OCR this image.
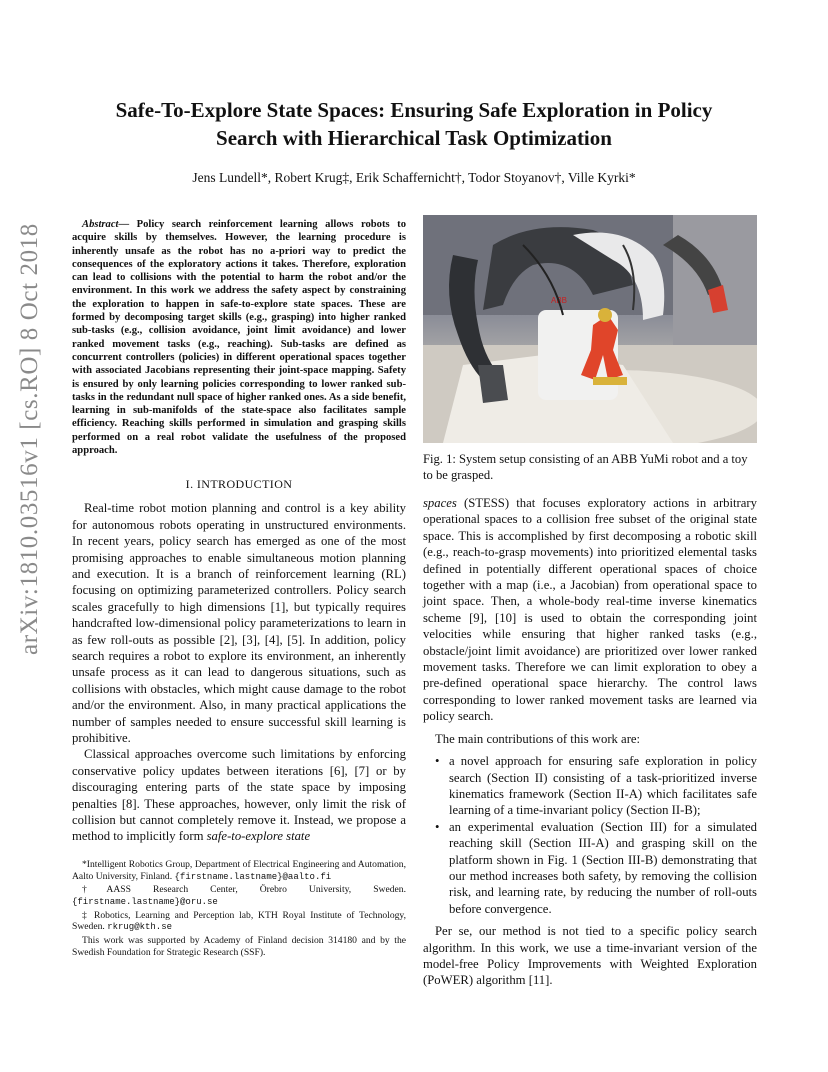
arXiv:1810.03516v1 [cs.RO] 8 Oct 2018
Safe-To-Explore State Spaces: Ensuring Safe Exploration in Policy
Search with Hierarchical Task Optimization
Jens Lundell*, Robert Krug‡, Erik Schaffernicht†, Todor Stoyanov†, Ville Kyrki*

Abstract— Policy search reinforcement learning allows robots to acquire skills by themselves. However, the learning procedure is inherently unsafe as the robot has no a-priori way to predict the consequences of the exploratory actions it takes. Therefore, exploration can lead to collisions with the potential to harm the robot and/or the environment. In this work we address the safety aspect by constraining the exploration to happen in safe-to-explore state spaces. These are formed by decomposing target skills (e.g., grasping) into higher ranked sub-tasks (e.g., collision avoidance, joint limit avoidance) and lower ranked movement tasks (e.g., reaching). Sub-tasks are defined as concurrent controllers (policies) in different operational spaces together with associated Jacobians representing their joint-space mapping. Safety is ensured by only learning policies corresponding to lower ranked sub-tasks in the redundant null space of higher ranked ones. As a side benefit, learning in sub-manifolds of the state-space also facilitates sample efficiency. Reaching skills performed in simulation and grasping skills performed on a real robot validate the usefulness of the proposed approach.

I. INTRODUCTION

Real-time robot motion planning and control is a key ability for autonomous robots operating in unstructured environments. In recent years, policy search has emerged as one of the most promising approaches to enable simultaneous motion planning and execution. It is a branch of reinforcement learning (RL) focusing on optimizing parameterized controllers. Policy search scales gracefully to high dimensions [1], but typically requires handcrafted low-dimensional policy parameterizations to learn in as few roll-outs as possible [2], [3], [4], [5]. In addition, policy search requires a robot to explore its environment, an inherently unsafe process as it can lead to dangerous situations, such as collisions with obstacles, which might cause damage to the robot and/or the environment. Also, in many practical applications the number of samples needed to ensure successful skill learning is prohibitive.

Classical approaches overcome such limitations by enforcing conservative policy updates between iterations [6], [7] or by discouraging entering parts of the state space by imposing penalties [8]. These approaches, however, only limit the risk of collision but cannot completely remove it. Instead, we propose a method to implicitly form safe-to-explore state

*Intelligent Robotics Group, Department of Electrical Engineering and Automation, Aalto University, Finland. {firstname.lastname}@aalto.fi

†AASS Research Center, Örebro University, Sweden. {firstname.lastname}@oru.se

‡ Robotics, Learning and Perception lab, KTH Royal Institute of Technology, Sweden. rkrug@kth.se

This work was supported by Academy of Finland decision 314180 and by the Swedish Foundation for Strategic Research (SSF).

ABB

Fig. 1: System setup consisting of an ABB YuMi robot and a toy to be grasped.

spaces (STESS) that focuses exploratory actions in arbitrary operational spaces to a collision free subset of the original state space. This is accomplished by first decomposing a robotic skill (e.g., reach-to-grasp movements) into prioritized elemental tasks defined in potentially different operational spaces of choice together with a map (i.e., a Jacobian) from operational space to joint space. Then, a whole-body real-time inverse kinematics scheme [9], [10] is used to obtain the corresponding joint velocities while ensuring that higher ranked tasks (e.g., obstacle/joint limit avoidance) are prioritized over lower ranked movement tasks. Therefore we can limit exploration to obey a pre-defined operational space hierarchy. The control laws corresponding to lower ranked movement tasks are learned via policy search.

The main contributions of this work are:

• a novel approach for ensuring safe exploration in policy search (Section II) consisting of a task-prioritized inverse kinematics framework (Section II-A) which facilitates safe learning of a time-invariant policy (Section II-B);
• an experimental evaluation (Section III) for a simulated reaching skill (Section III-A) and grasping skill on the platform shown in Fig. 1 (Section III-B) demonstrating that our method increases both safety, by removing the collision risk, and learning rate, by reducing the number of roll-outs before convergence.

Per se, our method is not tied to a specific policy search algorithm. In this work, we use a time-invariant version of the model-free Policy Improvements with Weighted Exploration (PoWER) algorithm [11].
